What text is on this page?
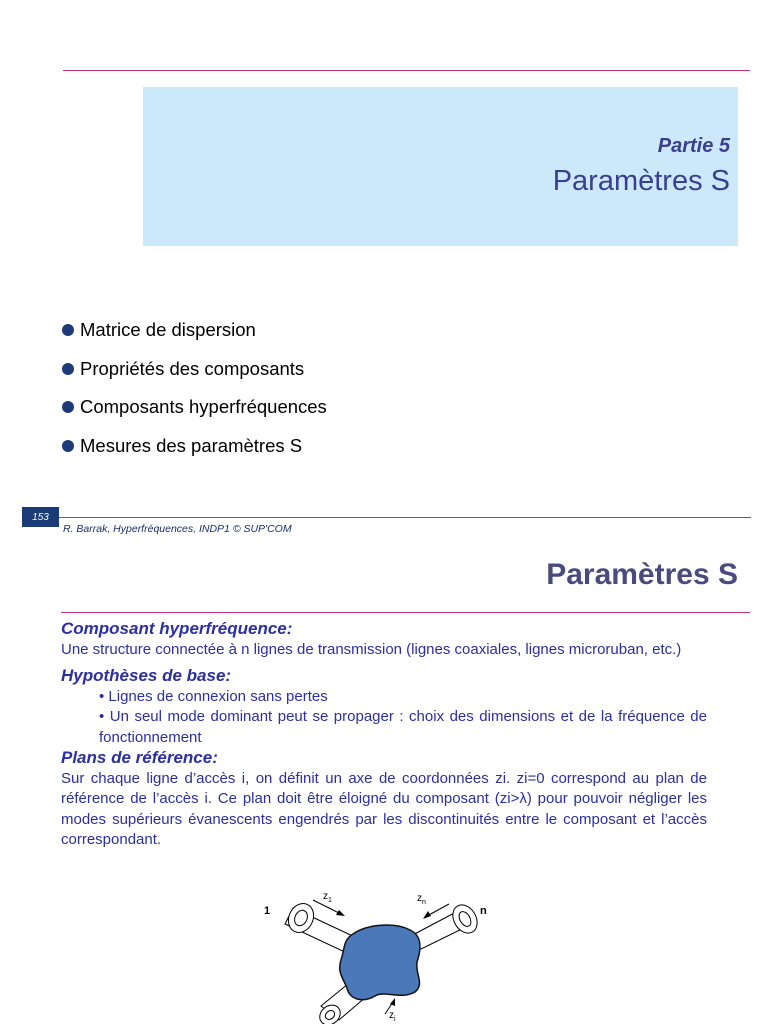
Partie 5
Paramètres S
Matrice de dispersion
Propriétés des composants
Composants hyperfréquences
Mesures des paramètres S
153
R. Barrak, Hyperfréquences, INDP1 © SUP'COM
Paramètres S
Composant hyperfréquence:
Une structure connectée à n lignes de transmission (lignes coaxiales, lignes microruban, etc.)
Hypothèses de base:
• Lignes de connexion sans pertes
• Un seul mode dominant peut se propager : choix des dimensions et de la fréquence de fonctionnement
Plans de référence:
Sur chaque ligne d’accès i, on définit un axe de coordonnées zi. zi=0 correspond au plan de référence de l’accès i. Ce plan doit être éloigné du composant (zi>λ) pour pouvoir négliger les modes supérieurs évanescents engendrés par les discontinuités entre le composant et l’accès correspondant.
1	n
$z_1$	$z_n$
$z_i$
